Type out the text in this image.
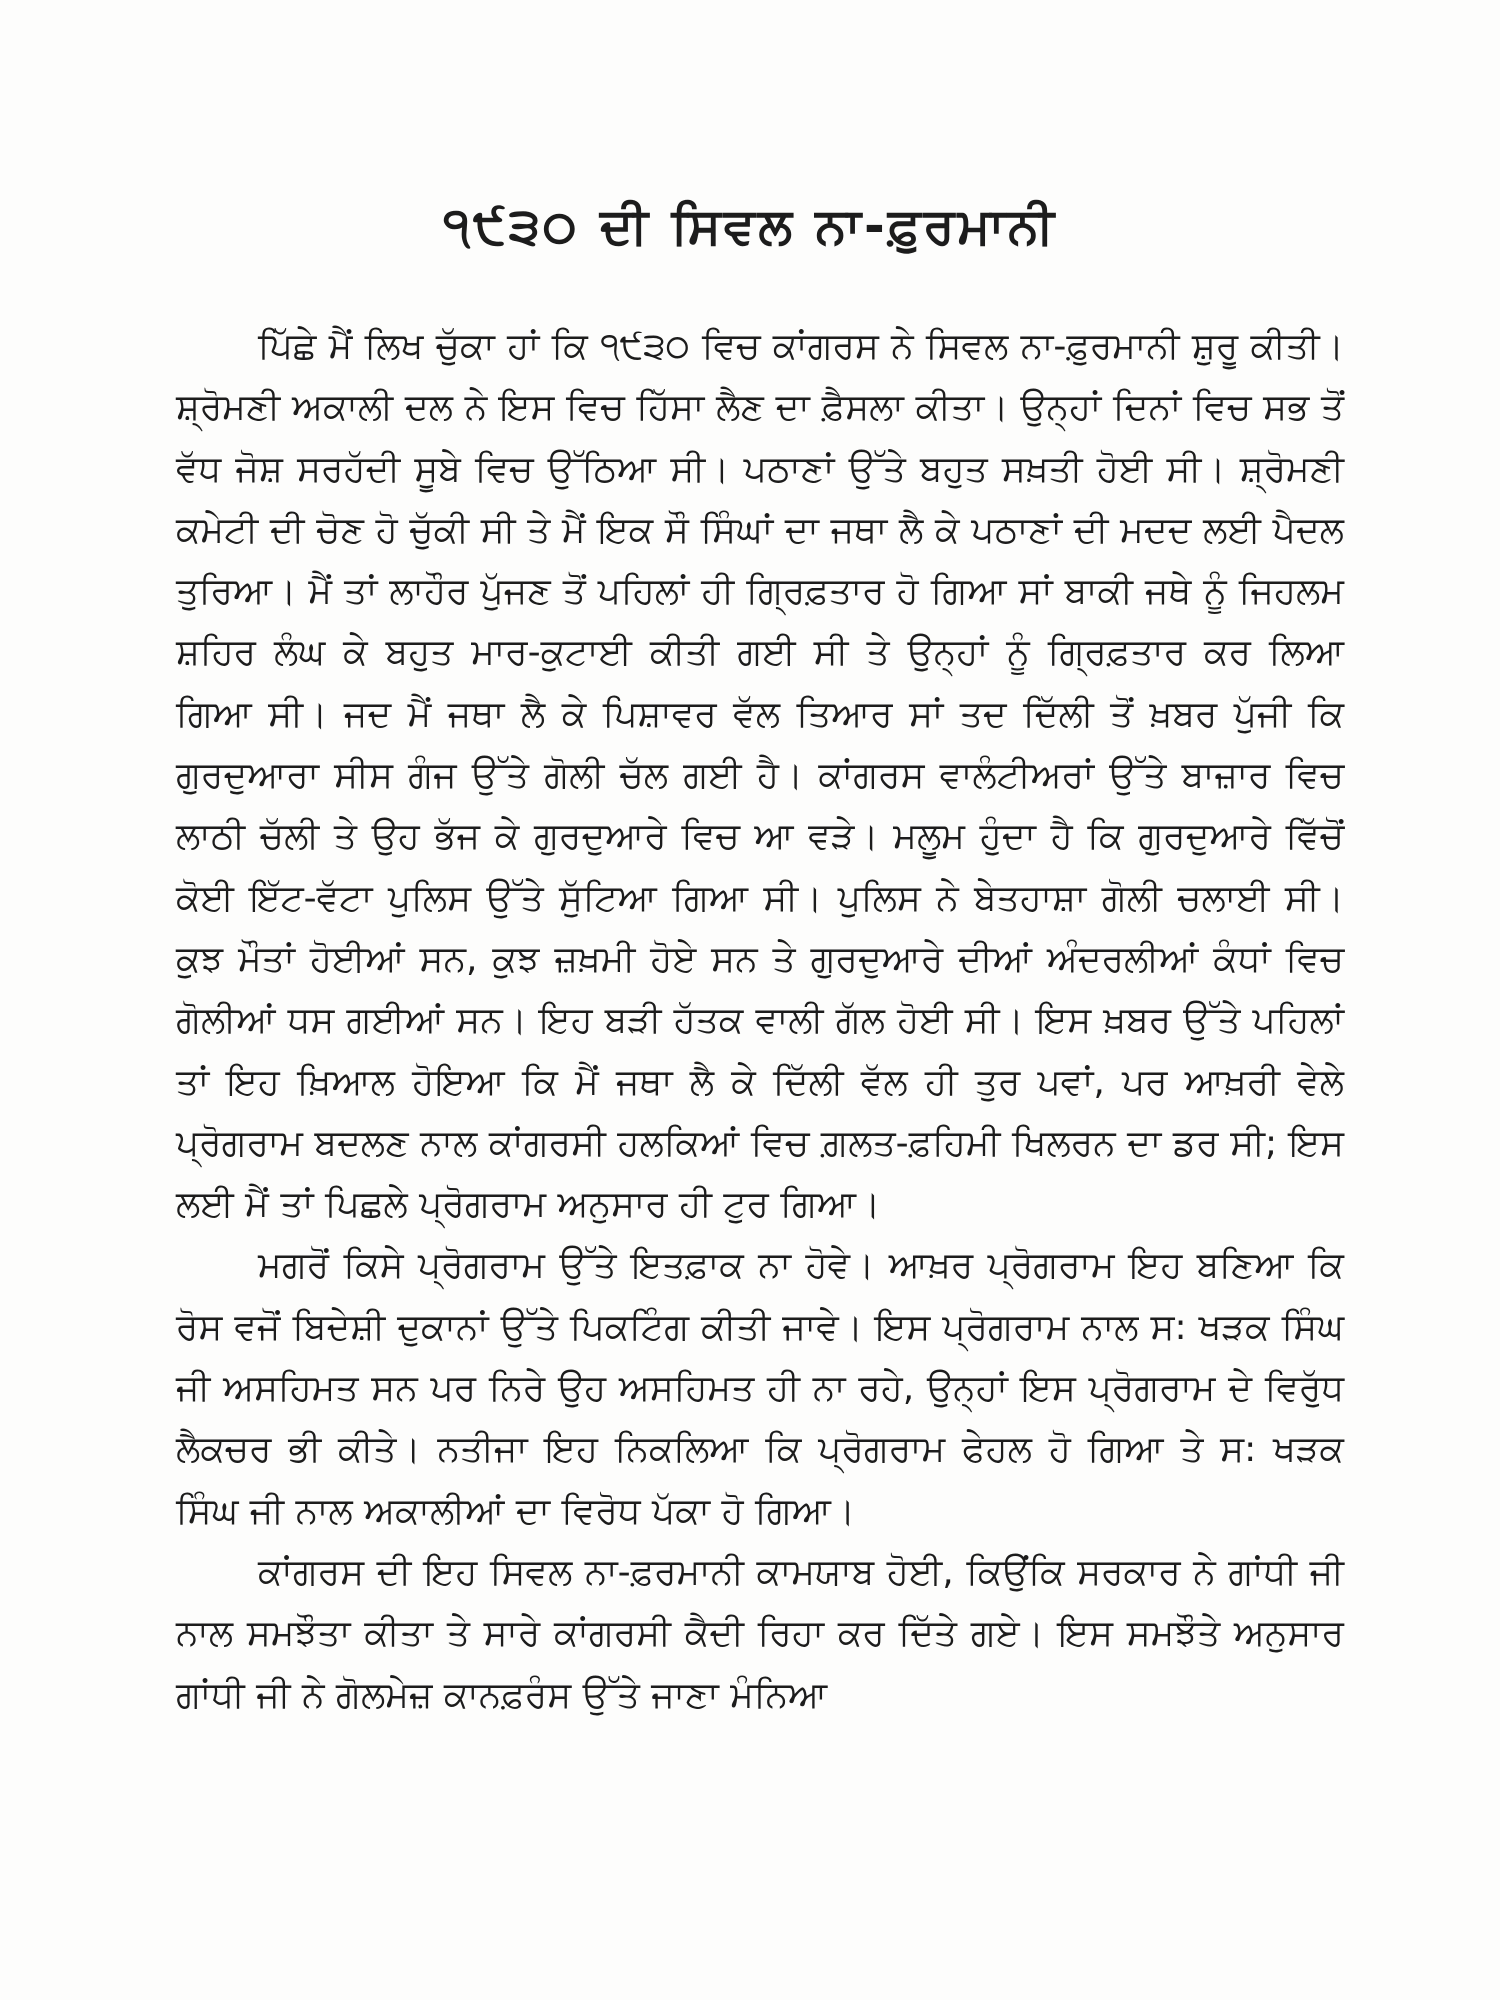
੧੯੩੦ ਦੀ ਸਿਵਲ ਨਾ-ਫ਼ੁਰਮਾਨੀ

ਪਿੱਛੇ ਮੈਂ ਲਿਖ ਚੁੱਕਾ ਹਾਂ ਕਿ ੧੯੩੦ ਵਿਚ ਕਾਂਗਰਸ ਨੇ ਸਿਵਲ ਨਾ-ਫ਼ੁਰਮਾਨੀ ਸ਼ੁਰੂ ਕੀਤੀ। ਸ਼੍ਰੋਮਣੀ ਅਕਾਲੀ ਦਲ ਨੇ ਇਸ ਵਿਚ ਹਿੱਸਾ ਲੈਣ ਦਾ ਫ਼ੈਸਲਾ ਕੀਤਾ। ਉਨ੍ਹਾਂ ਦਿਨਾਂ ਵਿਚ ਸਭ ਤੋਂ ਵੱਧ ਜੋਸ਼ ਸਰਹੱਦੀ ਸੂਬੇ ਵਿਚ ਉੱਠਿਆ ਸੀ। ਪਠਾਣਾਂ ਉੱਤੇ ਬਹੁਤ ਸਖ਼ਤੀ ਹੋਈ ਸੀ। ਸ਼੍ਰੋਮਣੀ ਕਮੇਟੀ ਦੀ ਚੋਣ ਹੋ ਚੁੱਕੀ ਸੀ ਤੇ ਮੈਂ ਇਕ ਸੌ ਸਿੰਘਾਂ ਦਾ ਜਥਾ ਲੈ ਕੇ ਪਠਾਣਾਂ ਦੀ ਮਦਦ ਲਈ ਪੈਦਲ ਤੁਰਿਆ। ਮੈਂ ਤਾਂ ਲਾਹੌਰ ਪੁੱਜਣ ਤੋਂ ਪਹਿਲਾਂ ਹੀ ਗ੍ਰਿਫ਼ਤਾਰ ਹੋ ਗਿਆ ਸਾਂ ਬਾਕੀ ਜਥੇ ਨੂੰ ਜਿਹਲਮ ਸ਼ਹਿਰ ਲੰਘ ਕੇ ਬਹੁਤ ਮਾਰ-ਕੁਟਾਈ ਕੀਤੀ ਗਈ ਸੀ ਤੇ ਉਨ੍ਹਾਂ ਨੂੰ ਗ੍ਰਿਫ਼ਤਾਰ ਕਰ ਲਿਆ ਗਿਆ ਸੀ। ਜਦ ਮੈਂ ਜਥਾ ਲੈ ਕੇ ਪਿਸ਼ਾਵਰ ਵੱਲ ਤਿਆਰ ਸਾਂ ਤਦ ਦਿੱਲੀ ਤੋਂ ਖ਼ਬਰ ਪੁੱਜੀ ਕਿ ਗੁਰਦੁਆਰਾ ਸੀਸ ਗੰਜ ਉੱਤੇ ਗੋਲੀ ਚੱਲ ਗਈ ਹੈ। ਕਾਂਗਰਸ ਵਾਲੰਟੀਅਰਾਂ ਉੱਤੇ ਬਾਜ਼ਾਰ ਵਿਚ ਲਾਠੀ ਚੱਲੀ ਤੇ ਉਹ ਭੱਜ ਕੇ ਗੁਰਦੁਆਰੇ ਵਿਚ ਆ ਵੜੇ। ਮਲੂਮ ਹੁੰਦਾ ਹੈ ਕਿ ਗੁਰਦੁਆਰੇ ਵਿੱਚੋਂ ਕੋਈ ਇੱਟ-ਵੱਟਾ ਪੁਲਿਸ ਉੱਤੇ ਸੁੱਟਿਆ ਗਿਆ ਸੀ। ਪੁਲਿਸ ਨੇ ਬੇਤਹਾਸ਼ਾ ਗੋਲੀ ਚਲਾਈ ਸੀ। ਕੁਝ ਮੌਤਾਂ ਹੋਈਆਂ ਸਨ, ਕੁਝ ਜ਼ਖ਼ਮੀ ਹੋਏ ਸਨ ਤੇ ਗੁਰਦੁਆਰੇ ਦੀਆਂ ਅੰਦਰਲੀਆਂ ਕੰਧਾਂ ਵਿਚ ਗੋਲੀਆਂ ਧਸ ਗਈਆਂ ਸਨ। ਇਹ ਬੜੀ ਹੱਤਕ ਵਾਲੀ ਗੱਲ ਹੋਈ ਸੀ। ਇਸ ਖ਼ਬਰ ਉੱਤੇ ਪਹਿਲਾਂ ਤਾਂ ਇਹ ਖ਼ਿਆਲ ਹੋਇਆ ਕਿ ਮੈਂ ਜਥਾ ਲੈ ਕੇ ਦਿੱਲੀ ਵੱਲ ਹੀ ਤੁਰ ਪਵਾਂ, ਪਰ ਆਖ਼ਰੀ ਵੇਲੇ ਪ੍ਰੋਗਰਾਮ ਬਦਲਣ ਨਾਲ ਕਾਂਗਰਸੀ ਹਲਕਿਆਂ ਵਿਚ ਗ਼ਲਤ-ਫ਼ਹਿਮੀ ਖਿਲਰਨ ਦਾ ਡਰ ਸੀ; ਇਸ ਲਈ ਮੈਂ ਤਾਂ ਪਿਛਲੇ ਪ੍ਰੋਗਰਾਮ ਅਨੁਸਾਰ ਹੀ ਟੁਰ ਗਿਆ।

ਮਗਰੋਂ ਕਿਸੇ ਪ੍ਰੋਗਰਾਮ ਉੱਤੇ ਇਤਫ਼ਾਕ ਨਾ ਹੋਵੇ। ਆਖ਼ਰ ਪ੍ਰੋਗਰਾਮ ਇਹ ਬਣਿਆ ਕਿ ਰੋਸ ਵਜੋਂ ਬਿਦੇਸ਼ੀ ਦੁਕਾਨਾਂ ਉੱਤੇ ਪਿਕਟਿੰਗ ਕੀਤੀ ਜਾਵੇ। ਇਸ ਪ੍ਰੋਗਰਾਮ ਨਾਲ ਸ: ਖੜਕ ਸਿੰਘ ਜੀ ਅਸਹਿਮਤ ਸਨ ਪਰ ਨਿਰੇ ਉਹ ਅਸਹਿਮਤ ਹੀ ਨਾ ਰਹੇ, ਉਨ੍ਹਾਂ ਇਸ ਪ੍ਰੋਗਰਾਮ ਦੇ ਵਿਰੁੱਧ ਲੈਕਚਰ ਭੀ ਕੀਤੇ। ਨਤੀਜਾ ਇਹ ਨਿਕਲਿਆ ਕਿ ਪ੍ਰੋਗਰਾਮ ਫੇਹਲ ਹੋ ਗਿਆ ਤੇ ਸ: ਖੜਕ ਸਿੰਘ ਜੀ ਨਾਲ ਅਕਾਲੀਆਂ ਦਾ ਵਿਰੋਧ ਪੱਕਾ ਹੋ ਗਿਆ।

ਕਾਂਗਰਸ ਦੀ ਇਹ ਸਿਵਲ ਨਾ-ਫ਼ਰਮਾਨੀ ਕਾਮਯਾਬ ਹੋਈ, ਕਿਉਂਕਿ ਸਰਕਾਰ ਨੇ ਗਾਂਧੀ ਜੀ ਨਾਲ ਸਮਝੌਤਾ ਕੀਤਾ ਤੇ ਸਾਰੇ ਕਾਂਗਰਸੀ ਕੈਦੀ ਰਿਹਾ ਕਰ ਦਿੱਤੇ ਗਏ। ਇਸ ਸਮਝੌਤੇ ਅਨੁਸਾਰ ਗਾਂਧੀ ਜੀ ਨੇ ਗੋਲਮੇਜ਼ ਕਾਨਫ਼ਰੰਸ ਉੱਤੇ ਜਾਣਾ ਮੰਨਿਆ
